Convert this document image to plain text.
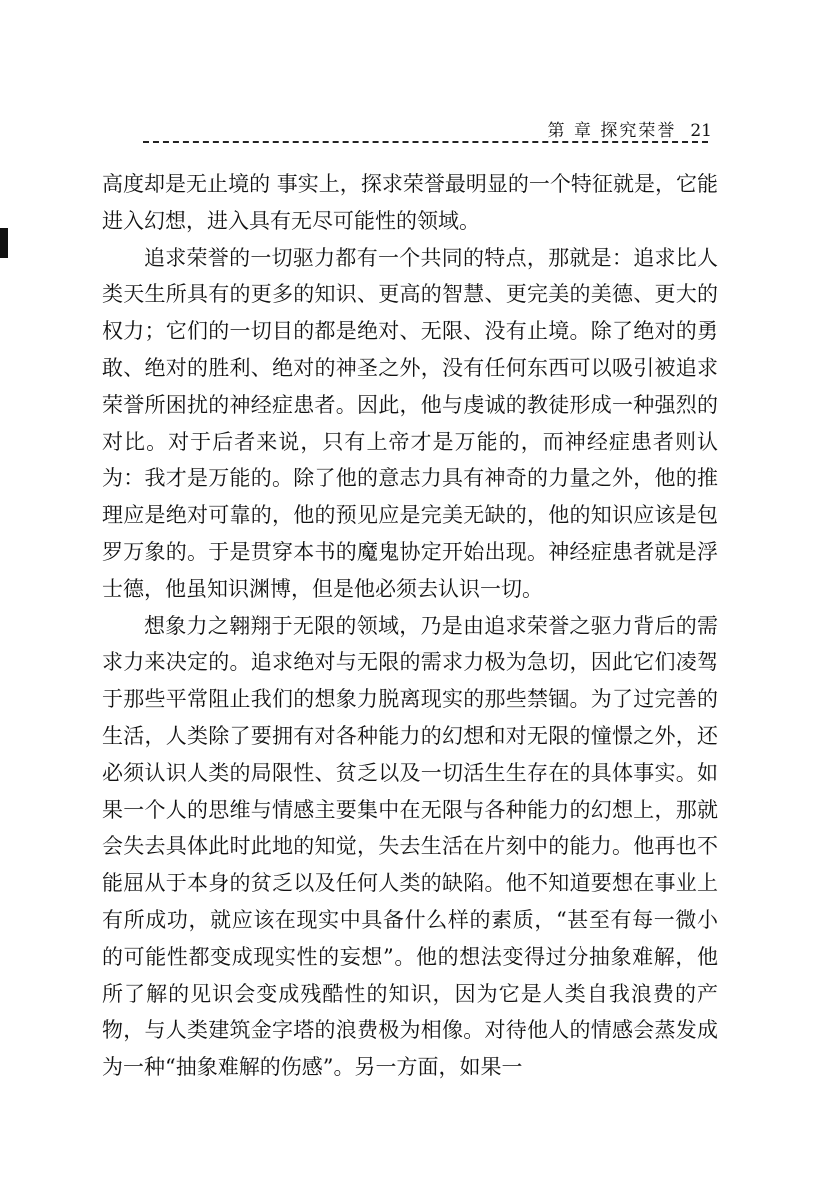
第 章 探究荣誉 21

高度却是无止境的 事实上，探求荣誉最明显的一个特征就是，它能进入幻想，进入具有无尽可能性的领域。

追求荣誉的一切驱力都有一个共同的特点，那就是：追求比人类天生所具有的更多的知识、更高的智慧、更完美的美德、更大的权力；它们的一切目的都是绝对、无限、没有止境。除了绝对的勇敢、绝对的胜利、绝对的神圣之外，没有任何东西可以吸引被追求荣誉所困扰的神经症患者。因此，他与虔诚的教徒形成一种强烈的对比。对于后者来说，只有上帝才是万能的，而神经症患者则认为：我才是万能的。除了他的意志力具有神奇的力量之外，他的推理应是绝对可靠的，他的预见应是完美无缺的，他的知识应该是包罗万象的。于是贯穿本书的魔鬼协定开始出现。神经症患者就是浮士德，他虽知识渊博，但是他必须去认识一切。

想象力之翱翔于无限的领域，乃是由追求荣誉之驱力背后的需求力来决定的。追求绝对与无限的需求力极为急切，因此它们凌驾于那些平常阻止我们的想象力脱离现实的那些禁锢。为了过完善的生活，人类除了要拥有对各种能力的幻想和对无限的憧憬之外，还必须认识人类的局限性、贫乏以及一切活生生存在的具体事实。如果一个人的思维与情感主要集中在无限与各种能力的幻想上，那就会失去具体此时此地的知觉，失去生活在片刻中的能力。他再也不能屈从于本身的贫乏以及任何人类的缺陷。他不知道要想在事业上有所成功，就应该在现实中具备什么样的素质，“甚至有每一微小的可能性都变成现实性的妄想”。他的想法变得过分抽象难解，他所了解的见识会变成残酷性的知识，因为它是人类自我浪费的产物，与人类建筑金字塔的浪费极为相像。对待他人的情感会蒸发成为一种“抽象难解的伤感”。另一方面，如果一
